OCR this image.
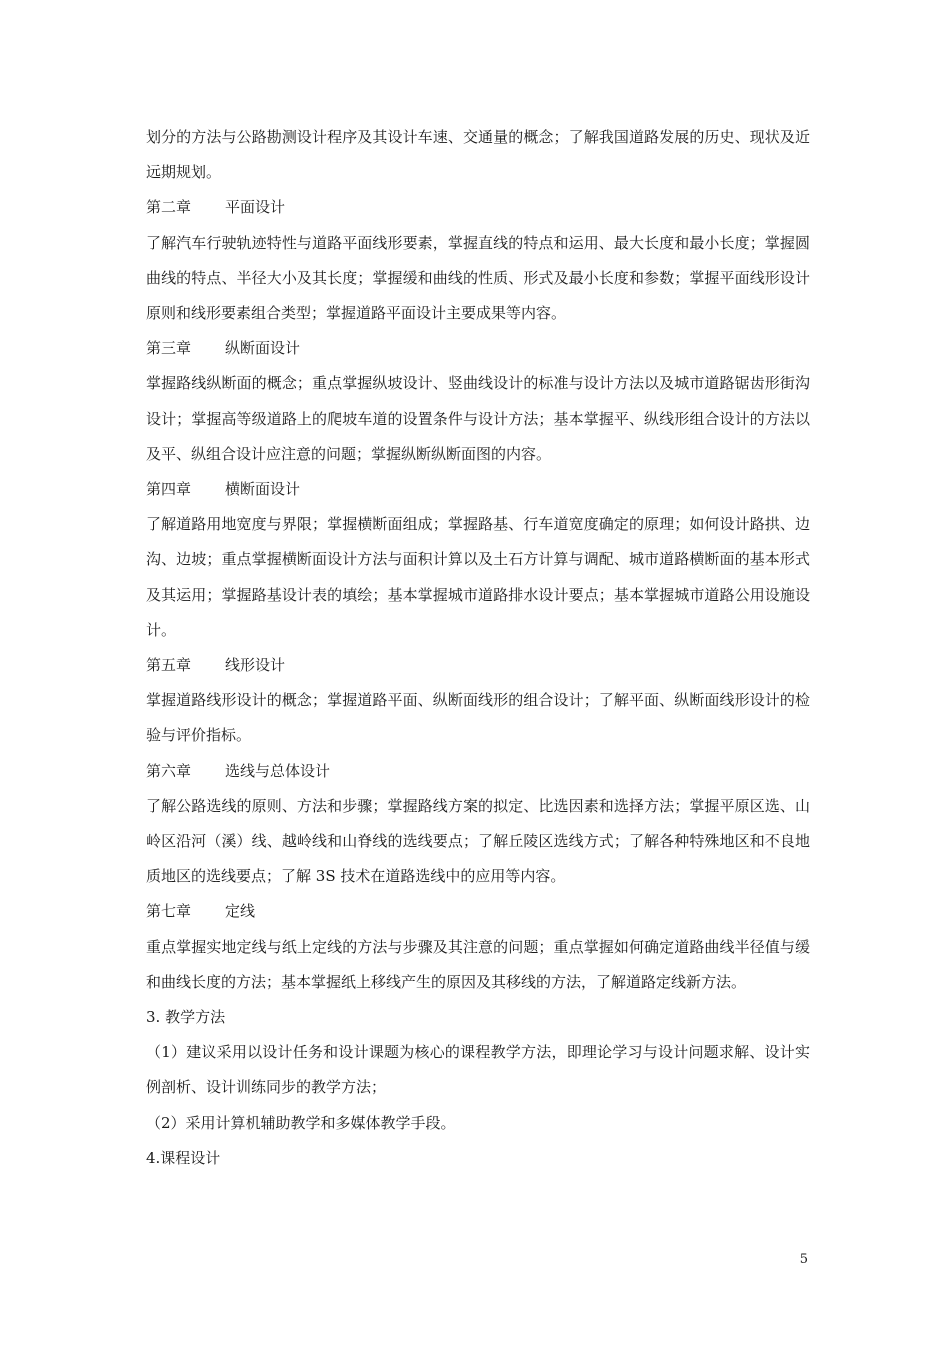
划分的方法与公路勘测设计程序及其设计车速、交通量的概念；了解我国道路发展的历史、现状及近远期规划。

第二章 平面设计

了解汽车行驶轨迹特性与道路平面线形要素，掌握直线的特点和运用、最大长度和最小长度；掌握圆曲线的特点、半径大小及其长度；掌握缓和曲线的性质、形式及最小长度和参数；掌握平面线形设计原则和线形要素组合类型；掌握道路平面设计主要成果等内容。

第三章 纵断面设计

掌握路线纵断面的概念；重点掌握纵坡设计、竖曲线设计的标准与设计方法以及城市道路锯齿形街沟设计；掌握高等级道路上的爬坡车道的设置条件与设计方法；基本掌握平、纵线形组合设计的方法以及平、纵组合设计应注意的问题；掌握纵断纵断面图的内容。

第四章 横断面设计

了解道路用地宽度与界限；掌握横断面组成；掌握路基、行车道宽度确定的原理；如何设计路拱、边沟、边坡；重点掌握横断面设计方法与面积计算以及土石方计算与调配、城市道路横断面的基本形式及其运用；掌握路基设计表的填绘；基本掌握城市道路排水设计要点；基本掌握城市道路公用设施设计。

第五章 线形设计

掌握道路线形设计的概念；掌握道路平面、纵断面线形的组合设计；了解平面、纵断面线形设计的检验与评价指标。

第六章 选线与总体设计

了解公路选线的原则、方法和步骤；掌握路线方案的拟定、比选因素和选择方法；掌握平原区选、山岭区沿河（溪）线、越岭线和山脊线的选线要点；了解丘陵区选线方式；了解各种特殊地区和不良地质地区的选线要点；了解 3S 技术在道路选线中的应用等内容。

第七章 定线

重点掌握实地定线与纸上定线的方法与步骤及其注意的问题；重点掌握如何确定道路曲线半径值与缓和曲线长度的方法；基本掌握纸上移线产生的原因及其移线的方法，了解道路定线新方法。

3. 教学方法

（1）建议采用以设计任务和设计课题为核心的课程教学方法，即理论学习与设计问题求解、设计实例剖析、设计训练同步的教学方法；

（2）采用计算机辅助教学和多媒体教学手段。

4.课程设计
5
